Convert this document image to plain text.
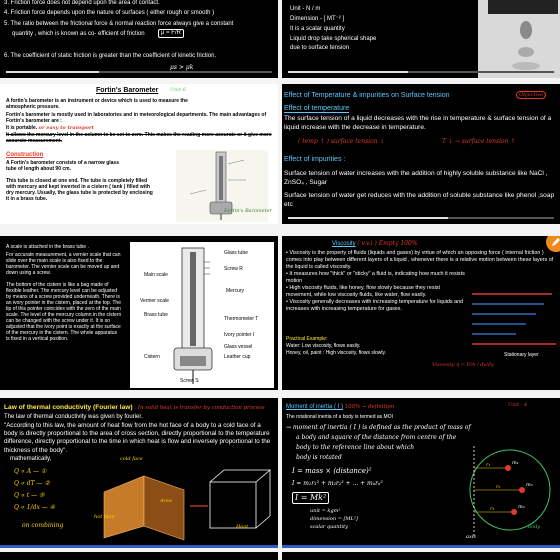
3. Friction force does not depend upon the area of contact.
4. Friction force depends upon the nature of surfaces ( either rough or smooth )
5. The ratio between the frictional force & normal reaction force always give a constant
quantity , which is known as co- efficient of friction	μ = F/R
6. The coefficient of static friction is greater than the coefficient of kinetic friction.
μs > μk
Unit - N / m
Dimension - [ MT⁻² ]
It is a scalar quantity
Liquid drop take spherical shape
due to surface tension
Fortin's Barometer Unit-6
A fortin's barometer is an instrument or device which is used to measure the atmospheric pressure.
Fortin's barometer is mostly used in laboratories and in meteorological departments. The main advantages of Fortin's barometer are :
It is portable. or easy to transport
It allows the mercury level in the column to be set to zero. This makes the reading more accurate or it give more accurate measurement.
Construction
A Fortin's barometer consists of a narrow glass tube of length about 90 cm.
This tube is closed at one end. The tube is completely filled with mercury and kept inverted in a cistern ( tank ) filled with dry mercury. Usually, the glass tube is protected by enclosing it in a brass tube.
Fortin's Barometer
Effect of Temperature & impurities on Surface tension	Objective
Effect of temperature
The surface tension of a liquid decreases with the rise in temperature & surface tension of a liquid increase with the decrease in temperature.
( temp ↑ ) surface tension ↓	T ↓ → surface tension ↑
Effect of impurities :
Surface tension of water increases with the addition of highly soluble substance like NaCl , ZnSO₄ , Sugar
Surface tension of water get reduces with the addition of soluble substance like phenol ,soap etc
A scale is attached in the brass tube .
For accurate measurement, a vernier scale that can slide over the main scale is also fixed to the barometer. The vernier scale can be moved up and down using a screw.
The bottom of the cistern is like a bag made of flexible leather. The mercury level can be adjusted by means of a screw provided underneath. There is an ivory pointer in the cistern, placed at the top. The tip of this pointer coincides with the zero of the main scale. The level of the mercury column in the cistern can be changed with the screw under it. It is so adjusted that the ivory point is exactly at the surface of the mercury in the cistern. The whole apparatus is fixed in a vertical position.
Glass tube
Main scale
Screw R
Vernier scale
Brass tube
Mercury
Thermometer T
Ivory pointer I
Glass vessel
Leather cup
Screw S
Cistern
Viscosity ( v.v.i ) Empty 100%
• Viscosity is the property of fluids (liquids and gases) by virtue of which an opposing force ( internal friction ) comes into play between different layers of a liquid , whenever there is a relative motion between these layers of the liquid is called viscosity.
• It measures how "thick" or "sticky" a fluid is, indicating how much it resists motion
• High viscosity fluids, like honey, flow slowly because they resist movement, while low viscosity fluids, like water, flow easily.
• Viscosity generally decreases with increasing temperature for liquids and increases with increasing temperature for gases.
Practical Example:
Water: Low viscosity, flows easily.
Honey, oil, paint : High viscosity, flows slowly.	Stationary layer
Viscosity η = F/A / dv/dy
Law of thermal conductivity (Fourier law) : In solid heat is transfer by conduction process
The law of thermal conductivity was given by fourier.
"According to this law, the amount of heat flow from the hot face of a body to a cold face of a body is directly proportional to the area of cross section, directly proportional to the temperature difference, directly proportional to the time in which heat is flow and inversely proportional to the thickness of the body".
mathematically,
Q ∝ A — ①
Q ∝ dT — ②
Q ∝ t — ③
Q ∝ 1/dx — ④
on combining
hot face
cold face
Area
Heat
Moment of inertia ( I ) 100% → definition	Unit - 4
The rotational inertia of a body is termed as MOI
→ moment of inertia ( I ) is defined as the product of mass of
a body and square of the distance from centre of the
body to the reference line about which
body is rotated
I = mass × (distance)²
I = m₁r₁² + m₂r₂² + ... + mₙrₙ²
I = Mk²
unit = kgm²
dimension = [ML²]
scalar quantity
m₁
m₂
m₃
r₁
r₂
r₃
body
axis
